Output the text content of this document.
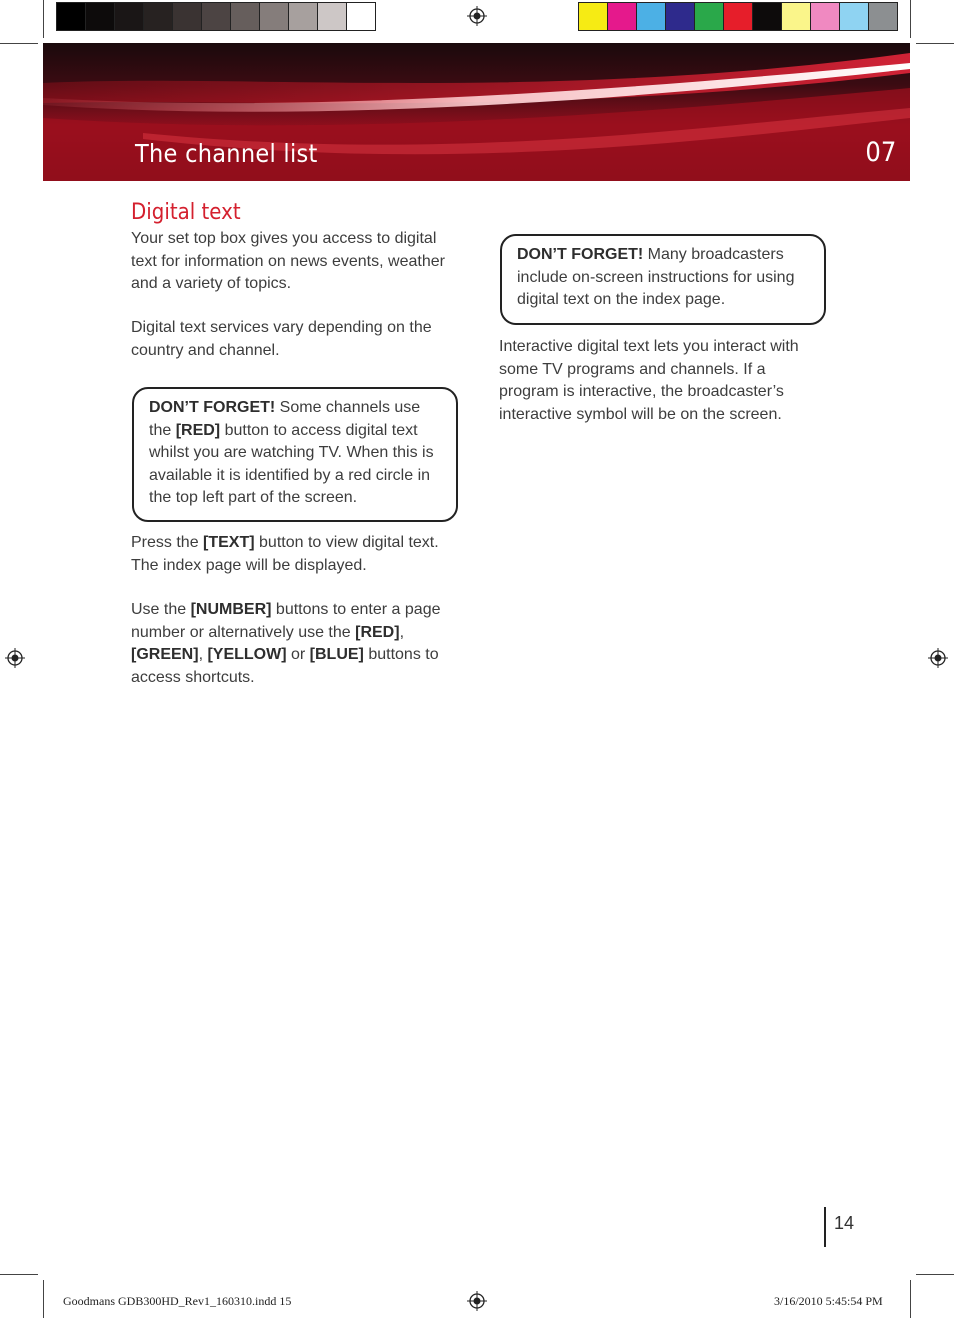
The channel list	07
Digital text
Your set top box gives you access to digital text for information on news events, weather and a variety of topics.
Digital text services vary depending on the country and channel.
DON’T FORGET! Some channels use the [RED] button to access digital text whilst you are watching TV. When this is available it is identified by a red circle in the top left part of the screen.
Press the [TEXT] button to view digital text. The index page will be displayed.
Use the [NUMBER] buttons to enter a page number or alternatively use the [RED], [GREEN], [YELLOW] or [BLUE] buttons to access shortcuts.
DON’T FORGET! Many broadcasters include on-screen instructions for using digital text on the index page.
Interactive digital text lets you interact with some TV programs and channels. If a program is interactive, the broadcaster’s interactive symbol will be on the screen.
14
Goodmans GDB300HD_Rev1_160310.indd 15	3/16/2010 5:45:54 PM
